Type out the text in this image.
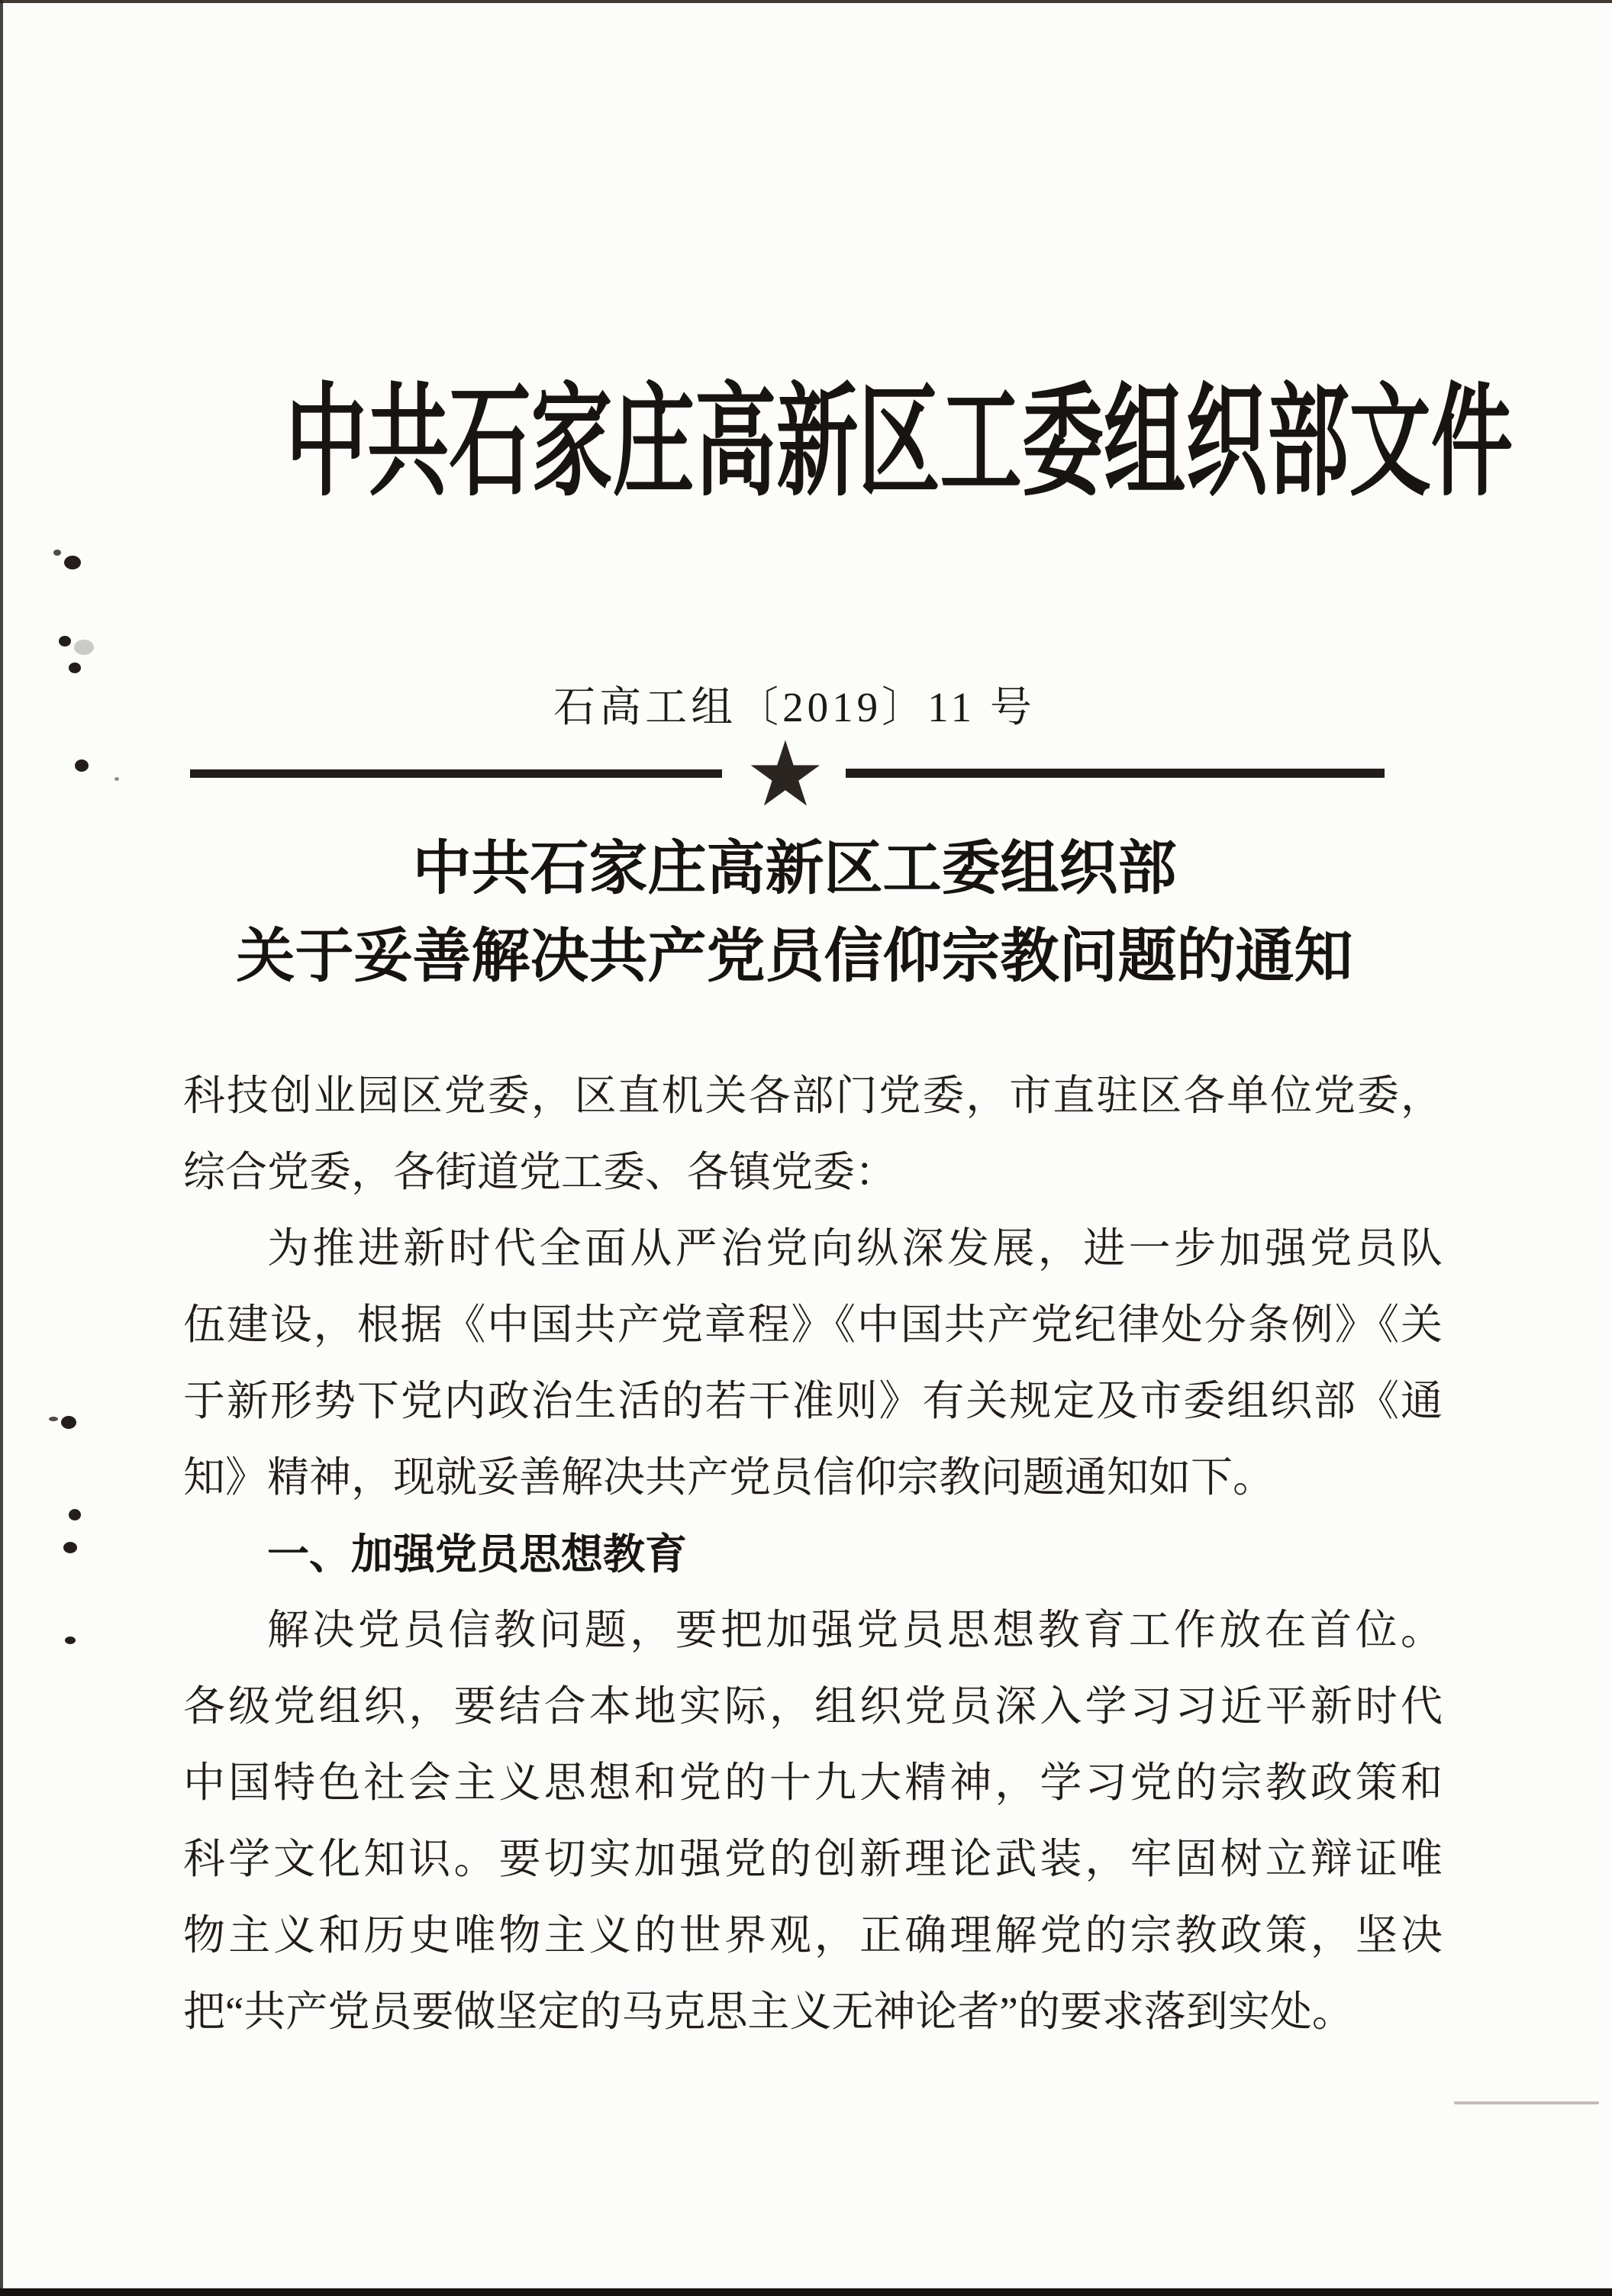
中共石家庄高新区工委组织部文件
石高工组〔2019〕11 号
★
中共石家庄高新区工委组织部
关于妥善解决共产党员信仰宗教问题的通知
科技创业园区党委，区直机关各部门党委，市直驻区各单位党委，
综合党委，各街道党工委、各镇党委：
为推进新时代全面从严治党向纵深发展，进一步加强党员队
伍建设，根据《中国共产党章程》《中国共产党纪律处分条例》《关
于新形势下党内政治生活的若干准则》有关规定及市委组织部《通
知》精神，现就妥善解决共产党员信仰宗教问题通知如下。
一、加强党员思想教育
解决党员信教问题，要把加强党员思想教育工作放在首位。
各级党组织，要结合本地实际，组织党员深入学习习近平新时代
中国特色社会主义思想和党的十九大精神，学习党的宗教政策和
科学文化知识。要切实加强党的创新理论武装，牢固树立辩证唯
物主义和历史唯物主义的世界观，正确理解党的宗教政策，坚决
把“共产党员要做坚定的马克思主义无神论者”的要求落到实处。
